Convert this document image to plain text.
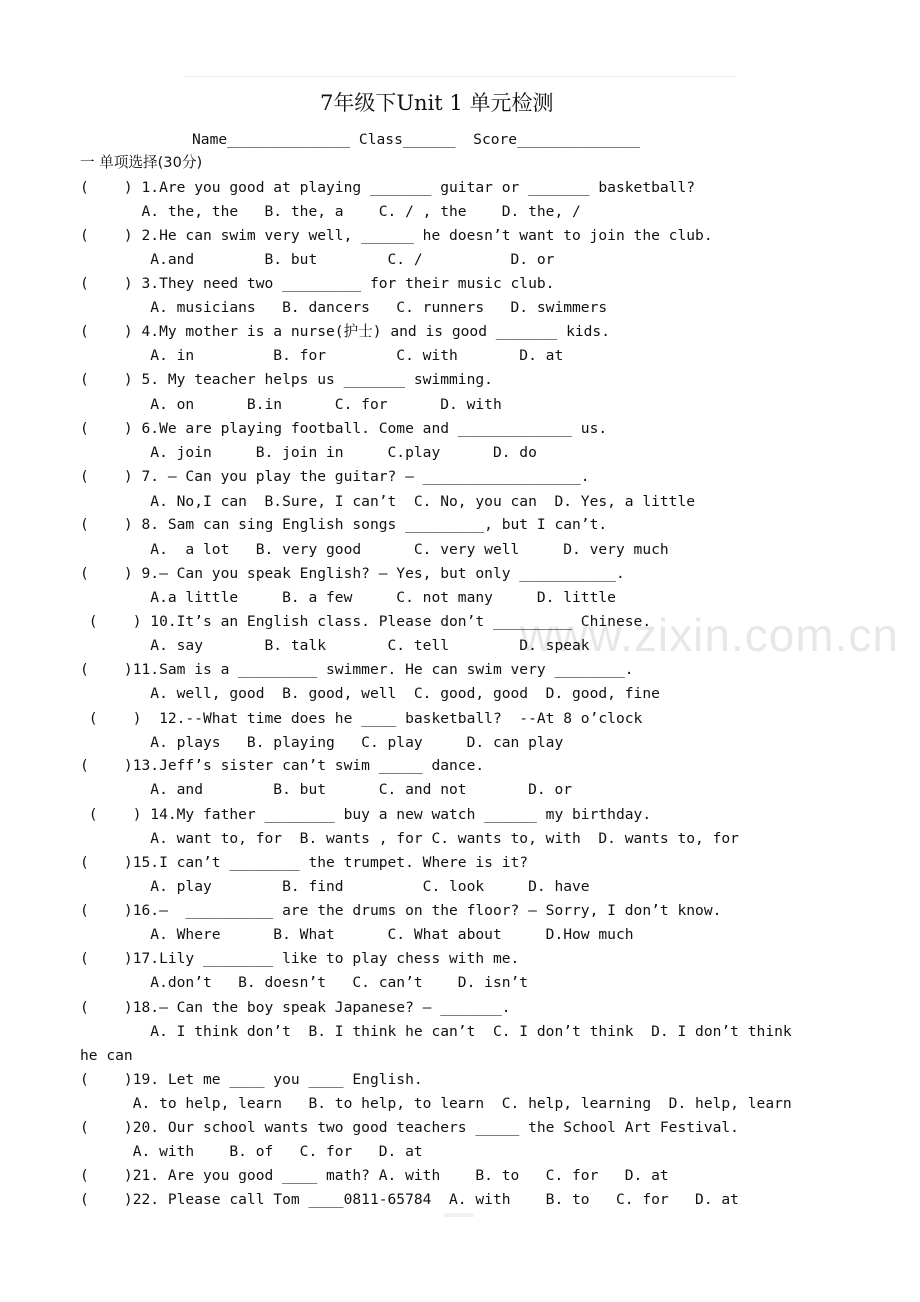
7年级下Unit 1 单元检测
Name______________ Class______  Score______________
一 单项选择(30分)
(    ) 1.Are you good at playing _______ guitar or _______ basketball?
A. the, the   B. the, a    C. / , the    D. the, /
(    ) 2.He can swim very well, ______ he doesn’t want to join the club.
A.and        B. but        C. /          D. or
(    ) 3.They need two _________ for their music club.
A. musicians   B. dancers   C. runners   D. swimmers
(    ) 4.My mother is a nurse(护士) and is good _______ kids.
A. in         B. for        C. with       D. at
(    ) 5. My teacher helps us _______ swimming.
A. on      B.in      C. for      D. with
(    ) 6.We are playing football. Come and _____________ us.
A. join     B. join in     C.play      D. do
(    ) 7. — Can you play the guitar? — __________________.
A. No,I can  B.Sure, I can’t  C. No, you can  D. Yes, a little
(    ) 8. Sam can sing English songs _________, but I can’t.
A.  a lot   B. very good      C. very well     D. very much
(    ) 9.— Can you speak English? — Yes, but only ___________.
A.a little     B. a few     C. not many     D. little
(    ) 10.It’s an English class. Please don’t _________ Chinese.
A. say       B. talk       C. tell        D. speak
(    )11.Sam is a _________ swimmer. He can swim very ________.
A. well, good  B. good, well  C. good, good  D. good, fine
(    )  12.--What time does he ____ basketball?  --At 8 o’clock
A. plays   B. playing   C. play     D. can play
(    )13.Jeff’s sister can’t swim _____ dance.
A. and        B. but      C. and not       D. or
(    ) 14.My father ________ buy a new watch ______ my birthday.
A. want to, for  B. wants , for C. wants to, with  D. wants to, for
(    )15.I can’t ________ the trumpet. Where is it?
A. play        B. find         C. look     D. have
(    )16.—  __________ are the drums on the floor? — Sorry, I don’t know.
A. Where      B. What      C. What about     D.How much
(    )17.Lily ________ like to play chess with me.
A.don’t   B. doesn’t   C. can’t    D. isn’t
(    )18.— Can the boy speak Japanese? — _______.
A. I think don’t  B. I think he can’t  C. I don’t think  D. I don’t think
he can
(    )19. Let me ____ you ____ English.
A. to help, learn   B. to help, to learn  C. help, learning  D. help, learn
(    )20. Our school wants two good teachers _____ the School Art Festival.
A. with    B. of   C. for   D. at
(    )21. Are you good ____ math? A. with    B. to   C. for   D. at
(    )22. Please call Tom ____0811-65784  A. with    B. to   C. for   D. at
www.zixin.com.cn
